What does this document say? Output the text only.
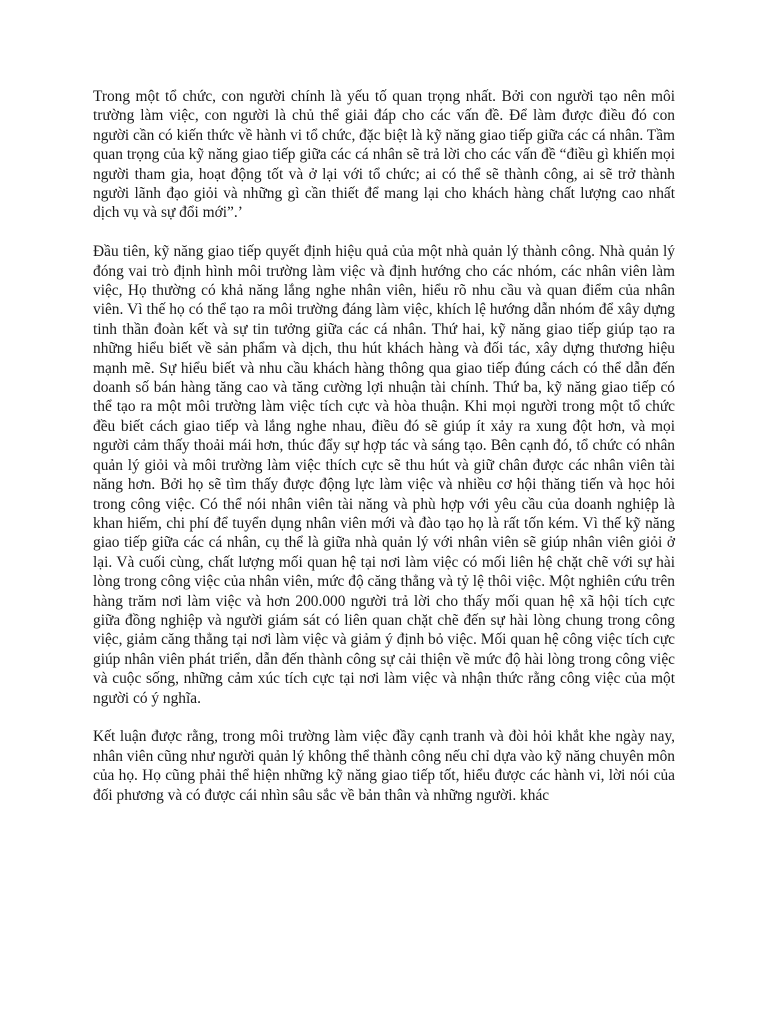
Trong một tổ chức, con người chính là yếu tố quan trọng nhất. Bởi con người tạo nên môi trường làm việc, con người là chủ thể giải đáp cho các vấn đề. Để làm được điều đó con người cần có kiến thức về hành vi tổ chức, đặc biệt là kỹ năng giao tiếp giữa các cá nhân. Tầm quan trọng của kỹ năng giao tiếp giữa các cá nhân sẽ trả lời cho các vấn đề “điều gì khiến mọi người tham gia, hoạt động tốt và ở lại với tổ chức; ai có thể sẽ thành công, ai sẽ trở thành người lãnh đạo giỏi và những gì cần thiết để mang lại cho khách hàng chất lượng cao nhất dịch vụ và sự đổi mới”.’

Đầu tiên, kỹ năng giao tiếp quyết định hiệu quả của một nhà quản lý thành công. Nhà quản lý đóng vai trò định hình môi trường làm việc và định hướng cho các nhóm, các nhân viên làm việc, Họ thường có khả năng lắng nghe nhân viên, hiểu rõ nhu cầu và quan điểm của nhân viên. Vì thế họ có thể tạo ra môi trường đáng làm việc, khích lệ hướng dẫn nhóm để xây dựng tinh thần đoàn kết và sự tin tưởng giữa các cá nhân. Thứ hai, kỹ năng giao tiếp giúp tạo ra những hiểu biết về sản phẩm và dịch, thu hút khách hàng và đối tác, xây dựng thương hiệu mạnh mẽ. Sự hiểu biết và nhu cầu khách hàng thông qua giao tiếp đúng cách có thể dẫn đến doanh số bán hàng tăng cao và tăng cường lợi nhuận tài chính. Thứ ba, kỹ năng giao tiếp có thể tạo ra một môi trường làm việc tích cực và hòa thuận. Khi mọi người trong một tổ chức đều biết cách giao tiếp và lắng nghe nhau, điều đó sẽ giúp ít xảy ra xung đột hơn, và mọi người cảm thấy thoải mái hơn, thúc đẩy sự hợp tác và sáng tạo. Bên cạnh đó, tổ chức có nhân quản lý giỏi và môi trường làm việc thích cực sẽ thu hút và giữ chân được các nhân viên tài năng hơn. Bởi họ sẽ tìm thấy được động lực làm việc và nhiều cơ hội thăng tiến và học hỏi trong công việc. Có thể nói nhân viên tài năng và phù hợp với yêu cầu của doanh nghiệp là khan hiếm, chi phí để tuyển dụng nhân viên mới và đào tạo họ là rất tốn kém. Vì thế kỹ năng giao tiếp giữa các cá nhân, cụ thể là giữa nhà quản lý với nhân viên sẽ giúp nhân viên giỏi ở lại. Và cuối cùng, chất lượng mối quan hệ tại nơi làm việc có mối liên hệ chặt chẽ với sự hài lòng trong công việc của nhân viên, mức độ căng thẳng và tỷ lệ thôi việc. Một nghiên cứu trên hàng trăm nơi làm việc và hơn 200.000 người trả lời cho thấy mối quan hệ xã hội tích cực giữa đồng nghiệp và người giám sát có liên quan chặt chẽ đến sự hài lòng chung trong công việc, giảm căng thẳng tại nơi làm việc và giảm ý định bỏ việc. Mối quan hệ công việc tích cực giúp nhân viên phát triển, dẫn đến thành công sự cải thiện về mức độ hài lòng trong công việc và cuộc sống, những cảm xúc tích cực tại nơi làm việc và nhận thức rằng công việc của một người có ý nghĩa.

Kết luận được rằng, trong môi trường làm việc đầy cạnh tranh và đòi hỏi khắt khe ngày nay, nhân viên cũng như người quản lý không thể thành công nếu chỉ dựa vào kỹ năng chuyên môn của họ. Họ cũng phải thể hiện những kỹ năng giao tiếp tốt, hiểu được các hành vi, lời nói của đối phương và có được cái nhìn sâu sắc về bản thân và những người. khác
